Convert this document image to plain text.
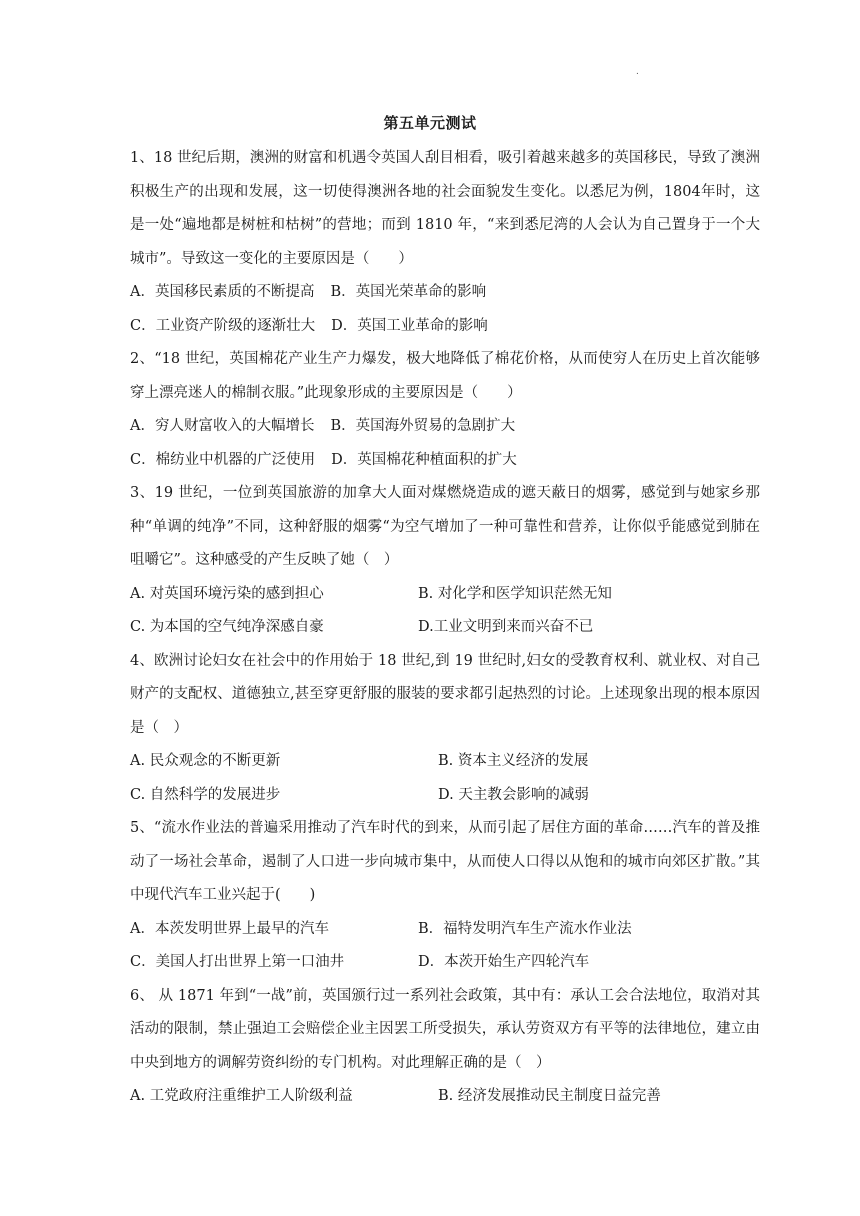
.
第五单元测试

1、18 世纪后期，澳洲的财富和机遇令英国人刮目相看，吸引着越来越多的英国移民，导致了澳洲积极生产的出现和发展，这一切使得澳洲各地的社会面貌发生变化。以悉尼为例，1804年时，这是一处“遍地都是树桩和枯树”的营地；而到 1810 年，“来到悉尼湾的人会认为自己置身于一个大城市”。导致这一变化的主要原因是（　　）

A．英国移民素质的不断提高 B．英国光荣革命的影响
C．工业资产阶级的逐渐壮大 D．英国工业革命的影响

2、“18 世纪，英国棉花产业生产力爆发，极大地降低了棉花价格，从而使穷人在历史上首次能够穿上漂亮迷人的棉制衣服。”此现象形成的主要原因是（　　）

A．穷人财富收入的大幅增长 B．英国海外贸易的急剧扩大
C．棉纺业中机器的广泛使用 D．英国棉花种植面积的扩大

3、19 世纪，一位到英国旅游的加拿大人面对煤燃烧造成的遮天蔽日的烟雾，感觉到与她家乡那种“单调的纯净”不同，这种舒服的烟雾“为空气增加了一种可靠性和营养，让你似乎能感觉到肺在咀嚼它”。这种感受的产生反映了她（　）

A. 对英国环境污染的感到担心	B. 对化学和医学知识茫然无知
C. 为本国的空气纯净深感自豪	D.工业文明到来而兴奋不已

4、欧洲讨论妇女在社会中的作用始于 18 世纪,到 19 世纪时,妇女的受教育权利、就业权、对自己财产的支配权、道德独立,甚至穿更舒服的服装的要求都引起热烈的讨论。上述现象出现的根本原因是（　）

A. 民众观念的不断更新	B. 资本主义经济的发展
C. 自然科学的发展进步	D. 天主教会影响的减弱

5、“流水作业法的普遍采用推动了汽车时代的到来，从而引起了居住方面的革命……汽车的普及推动了一场社会革命，遏制了人口进一步向城市集中，从而使人口得以从饱和的城市向郊区扩散。”其中现代汽车工业兴起于(　　)

A．本茨发明世界上最早的汽车	B．福特发明汽车生产流水作业法
C．美国人打出世界上第一口油井	D．本茨开始生产四轮汽车

6、 从 1871 年到“一战”前，英国颁行过一系列社会政策，其中有：承认工会合法地位，取消对其活动的限制，禁止强迫工会赔偿企业主因罢工所受损失，承认劳资双方有平等的法律地位，建立由中央到地方的调解劳资纠纷的专门机构。对此理解正确的是（　）

A. 工党政府注重维护工人阶级利益	B. 经济发展推动民主制度日益完善
